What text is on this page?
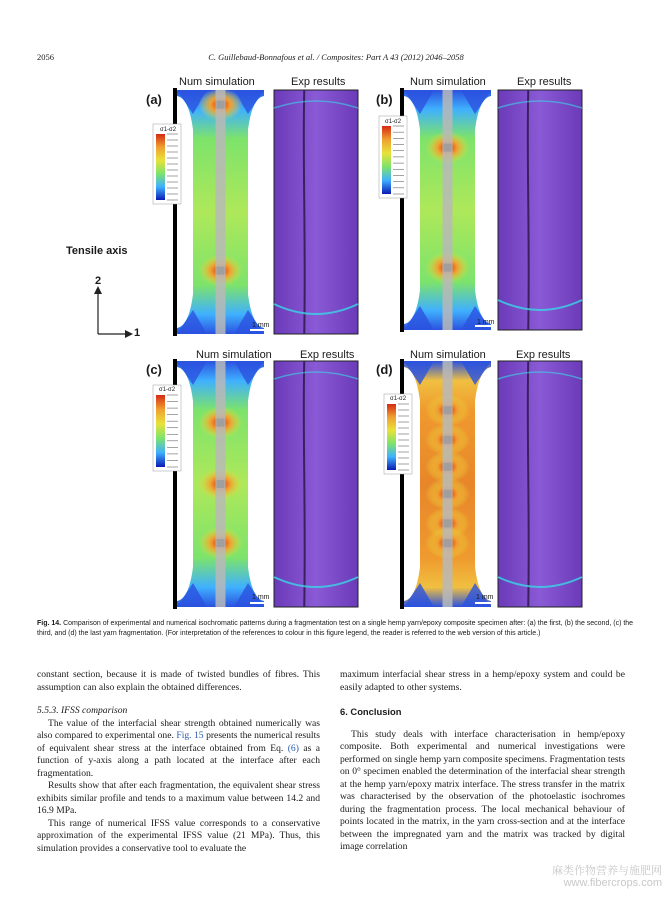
2056	C. Guillebaud-Bonnafous et al. / Composites: Part A 43 (2012) 2046–2058
Num simulation	Exp results	Num simulation	Exp results
Num simulation	Exp results	Num simulation	Exp results
(a)	(b)
(c)	(d)
σ1-σ2
σ1-σ2
σ1-σ2
σ1-σ2
1 mm	1 mm
1 mm	1 mm
Tensile axis
2
1
Fig. 14. Comparison of experimental and numerical isochromatic patterns during a fragmentation test on a single hemp yarn/epoxy composite specimen after: (a) the first, (b) the second, (c) the third, and (d) the last yarn fragmentation. (For interpretation of the references to colour in this figure legend, the reader is referred to the web version of this article.)

constant section, because it is made of twisted bundles of fibres. This assumption can also explain the obtained differences.

5.5.3. IFSS comparison

The value of the interfacial shear strength obtained numerically was also compared to experimental one. Fig. 15 presents the numerical results of equivalent shear stress at the interface obtained from Eq. (6) as a function of y-axis along a path located at the interface after each fragmentation.

Results show that after each fragmentation, the equivalent shear stress exhibits similar profile and tends to a maximum value between 14.2 and 16.9 MPa.

This range of numerical IFSS value corresponds to a conservative approximation of the experimental IFSS value (21 MPa). Thus, this simulation provides a conservative tool to evaluate the

maximum interfacial shear stress in a hemp/epoxy system and could be easily adapted to other systems.

6. Conclusion

This study deals with interface characterisation in hemp/epoxy composite. Both experimental and numerical investigations were performed on single hemp yarn composite specimens. Fragmentation tests on 0° specimen enabled the determination of the interfacial shear strength at the hemp yarn/epoxy matrix interface. The stress transfer in the matrix was characterised by the observation of the photoelastic isochromes during the fragmentation process. The local mechanical behaviour of points located in the matrix, in the yarn cross-section and at the interface between the impregnated yarn and the matrix was tracked by digital image correlation

麻类作物营养与施肥网
www.fibercrops.com
